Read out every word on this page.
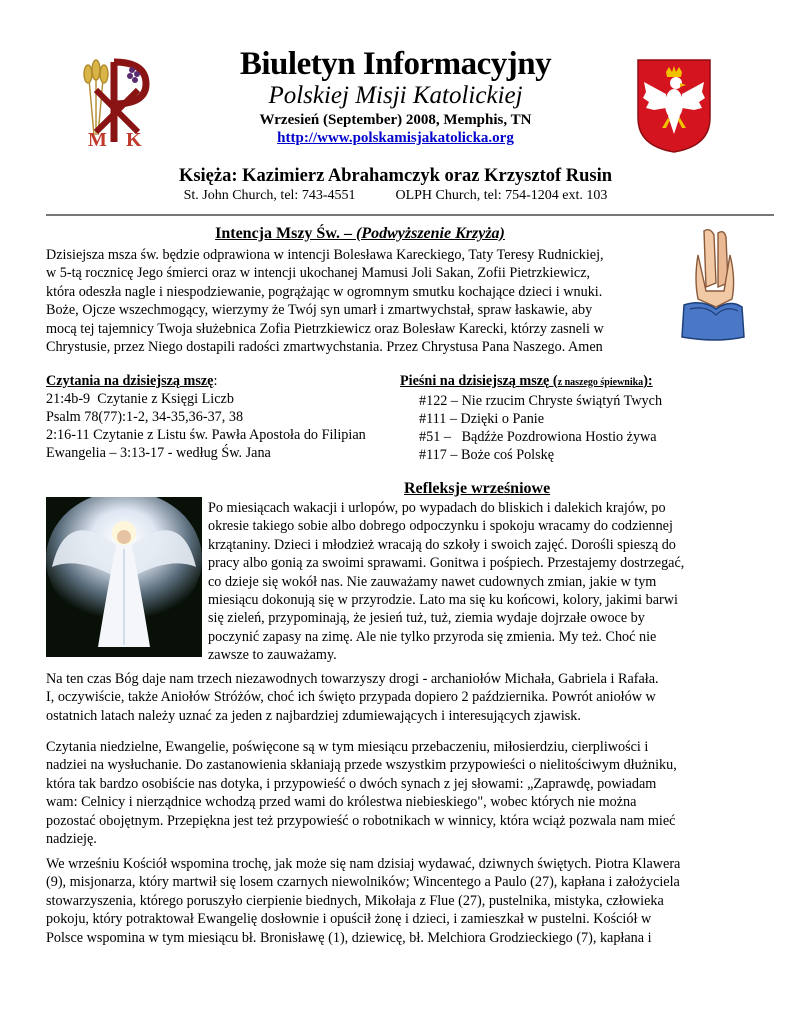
M K
Biuletyn Informacyjny
Polskiej Misji Katolickiej
Wrzesień (September) 2008, Memphis, TN
http://www.polskamisjakatolicka.org
Księża: Kazimierz Abrahamczyk oraz Krzysztof Rusin
St. John Church, tel: 743-4551	OLPH Church, tel: 754-1204 ext. 103
Intencja Mszy Św. – (Podwyższenie Krzyża)
Dzisiejsza msza św. będzie odprawiona w intencji Bolesława Kareckiego, Taty Teresy Rudnickiej,
w 5-tą rocznicę Jego śmierci oraz w intencji ukochanej Mamusi Joli Sakan, Zofii Pietrzkiewicz,
która odeszła nagle i niespodziewanie, pogrążając w ogromnym smutku kochające dzieci i wnuki.
Boże, Ojcze wszechmogący, wierzymy że Twój syn umarł i zmartwychstał, spraw łaskawie, aby
mocą tej tajemnicy Twoja służebnica Zofia Pietrzkiewicz oraz Bolesław Karecki, którzy zasneli w
Chrystusie, przez Niego dostapili radości zmartwychstania. Przez Chrystusa Pana Naszego. Amen
Czytania na dzisiejszą mszę:
21:4b-9  Czytanie z Księgi Liczb
Psalm 78(77):1-2, 34-35,36-37, 38
2:16-11 Czytanie z Listu św. Pawła Apostoła do Filipian
Ewangelia – 3:13-17 - według Św. Jana
Pieśni na dzisiejszą mszę (z naszego śpiewnika):
#122 – Nie rzucim Chryste świątyń Twych
#111 – Dzięki o Panie
#51 –   Bądźże Pozdrowiona Hostio żywa
#117 – Boże coś Polskę
Refleksje wrześniowe
Po miesiącach wakacji i urlopów, po wypadach do bliskich i dalekich krajów, po
okresie takiego sobie albo dobrego odpoczynku i spokoju wracamy do codziennej
krzątaniny. Dzieci i młodzież wracają do szkoły i swoich zajęć. Dorośli spieszą do
pracy albo gonią za swoimi sprawami. Gonitwa i pośpiech. Przestajemy dostrzegać,
co dzieje się wokół nas. Nie zauważamy nawet cudownych zmian, jakie w tym
miesiącu dokonują się w przyrodzie. Lato ma się ku końcowi, kolory, jakimi barwi
się zieleń, przypominają, że jesień tuż, tuż, ziemia wydaje dojrzałe owoce by
poczynić zapasy na zimę. Ale nie tylko przyroda się zmienia. My też. Choć nie
zawsze to zauważamy.
Na ten czas Bóg daje nam trzech niezawodnych towarzyszy drogi - archaniołów Michała, Gabriela i Rafała.
I, oczywiście, także Aniołów Stróżów, choć ich święto przypada dopiero 2 października. Powrót aniołów w
ostatnich latach należy uznać za jeden z najbardziej zdumiewających i interesujących zjawisk.
Czytania niedzielne, Ewangelie, poświęcone są w tym miesiącu przebaczeniu, miłosierdziu, cierpliwości i
nadziei na wysłuchanie. Do zastanowienia skłaniają przede wszystkim przypowieści o nielitościwym dłużniku,
która tak bardzo osobiście nas dotyka, i przypowieść o dwóch synach z jej słowami: „Zaprawdę, powiadam
wam: Celnicy i nierządnice wchodzą przed wami do królestwa niebieskiego", wobec których nie można
pozostać obojętnym. Przepiękna jest też przypowieść o robotnikach w winnicy, która wciąż pozwala nam mieć
nadzieję.
We wrześniu Kościół wspomina trochę, jak może się nam dzisiaj wydawać, dziwnych świętych. Piotra Klawera
(9), misjonarza, który martwił się losem czarnych niewolników; Wincentego a Paulo (27), kapłana i założyciela
stowarzyszenia, którego poruszyło cierpienie biednych, Mikołaja z Flue (27), pustelnika, mistyka, człowieka
pokoju, który potraktował Ewangelię dosłownie i opuścił żonę i dzieci, i zamieszkał w pustelni. Kościół w
Polsce wspomina w tym miesiącu bł. Bronisławę (1), dziewicę, bł. Melchiora Grodzieckiego (7), kapłana i
